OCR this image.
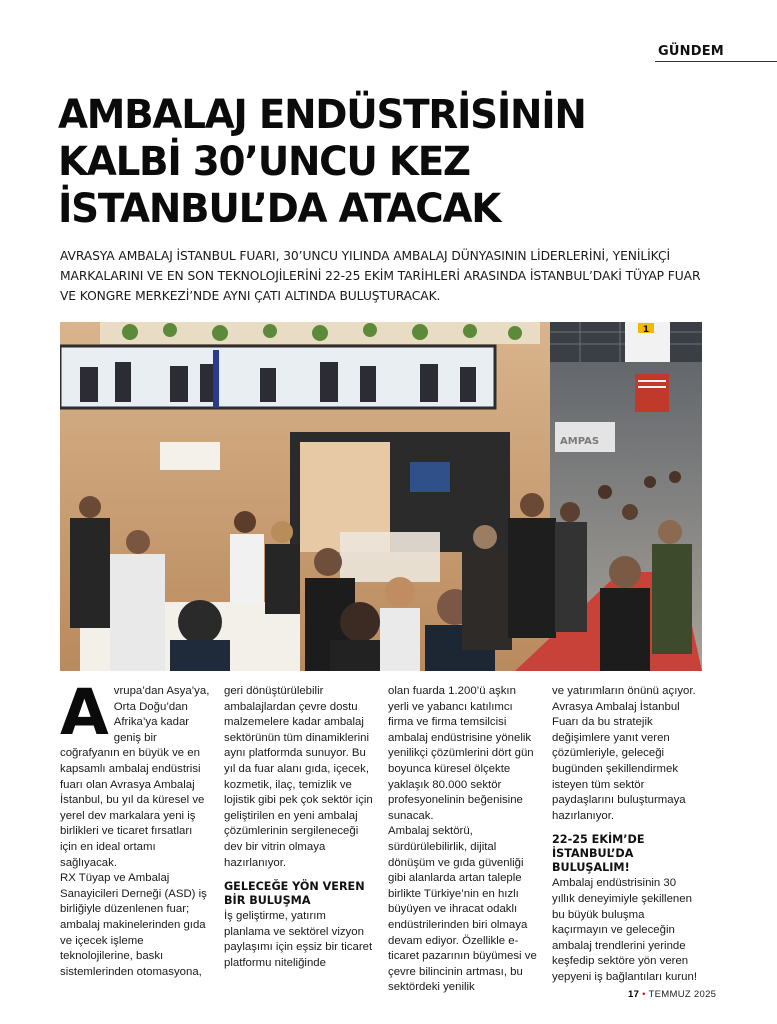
GÜNDEM
AMBALAJ ENDÜSTRİSİNİN
KALBİ 30’UNCU KEZ
İSTANBUL’DA ATACAK

AVRASYA AMBALAJ İSTANBUL FUARI, 30’UNCU YILINDA AMBALAJ DÜNYASININ LİDERLERİNİ, YENİLİKÇİ MARKALARINI VE EN SON TEKNOLOJİLERİNİ 22-25 EKİM TARİHLERİ ARASINDA İSTANBUL’DAKİ TÜYAP FUAR VE KONGRE MERKEZİ’NDE AYNI ÇATI ALTINDA BULUŞTURACAK.

1
AMPAS

Avrupa’dan Asya’ya, Orta Doğu’dan Afrika’ya kadar geniş bir coğrafyanın en büyük ve en kapsamlı ambalaj endüstrisi fuarı olan Avrasya Ambalaj İstanbul, bu yıl da küresel ve yerel dev markalara yeni iş birlikleri ve ticaret fırsatları için en ideal ortamı sağlıyacak.

RX Tüyap ve Ambalaj Sanayicileri Derneği (ASD) iş birliğiyle düzenlenen fuar; ambalaj makinelerinden gıda ve içecek işleme teknolojilerine, baskı sistemlerinden otomasyona,

geri dönüştürülebilir ambalajlardan çevre dostu malzemelere kadar ambalaj sektörünün tüm dinamiklerini aynı platformda sunuyor. Bu yıl da fuar alanı gıda, içecek, kozmetik, ilaç, temizlik ve lojistik gibi pek çok sektör için geliştirilen en yeni ambalaj çözümlerinin sergileneceği dev bir vitrin olmaya hazırlanıyor.

GELECEĞE YÖN VEREN BİR BULUŞMA

İş geliştirme, yatırım planlama ve sektörel vizyon paylaşımı için eşsiz bir ticaret platformu niteliğinde

olan fuarda 1.200’ü aşkın yerli ve yabancı katılımcı firma ve firma temsilcisi ambalaj endüstrisine yönelik yenilikçi çözümlerini dört gün boyunca küresel ölçekte yaklaşık 80.000 sektör profesyonelinin beğenisine sunacak.

Ambalaj sektörü, sürdürülebilirlik, dijital dönüşüm ve gıda güvenliği gibi alanlarda artan taleple birlikte Türkiye’nin en hızlı büyüyen ve ihracat odaklı endüstrilerinden biri olmaya devam ediyor. Özellikle e-ticaret pazarının büyümesi ve çevre bilincinin artması, bu sektördeki yenilik

ve yatırımların önünü açıyor. Avrasya Ambalaj İstanbul Fuarı da bu stratejik değişimlere yanıt veren çözümleriyle, geleceği bugünden şekillendirmek isteyen tüm sektör paydaşlarını buluşturmaya hazırlanıyor.

22-25 EKİM’DE İSTANBUL’DA BULUŞALIM!

Ambalaj endüstrisinin 30 yıllık deneyimiyle şekillenen bu büyük buluşma kaçırmayın ve geleceğin ambalaj trendlerini yerinde keşfedip sektöre yön veren yepyeni iş bağlantıları kurun!

17 • TEMMUZ 2025
